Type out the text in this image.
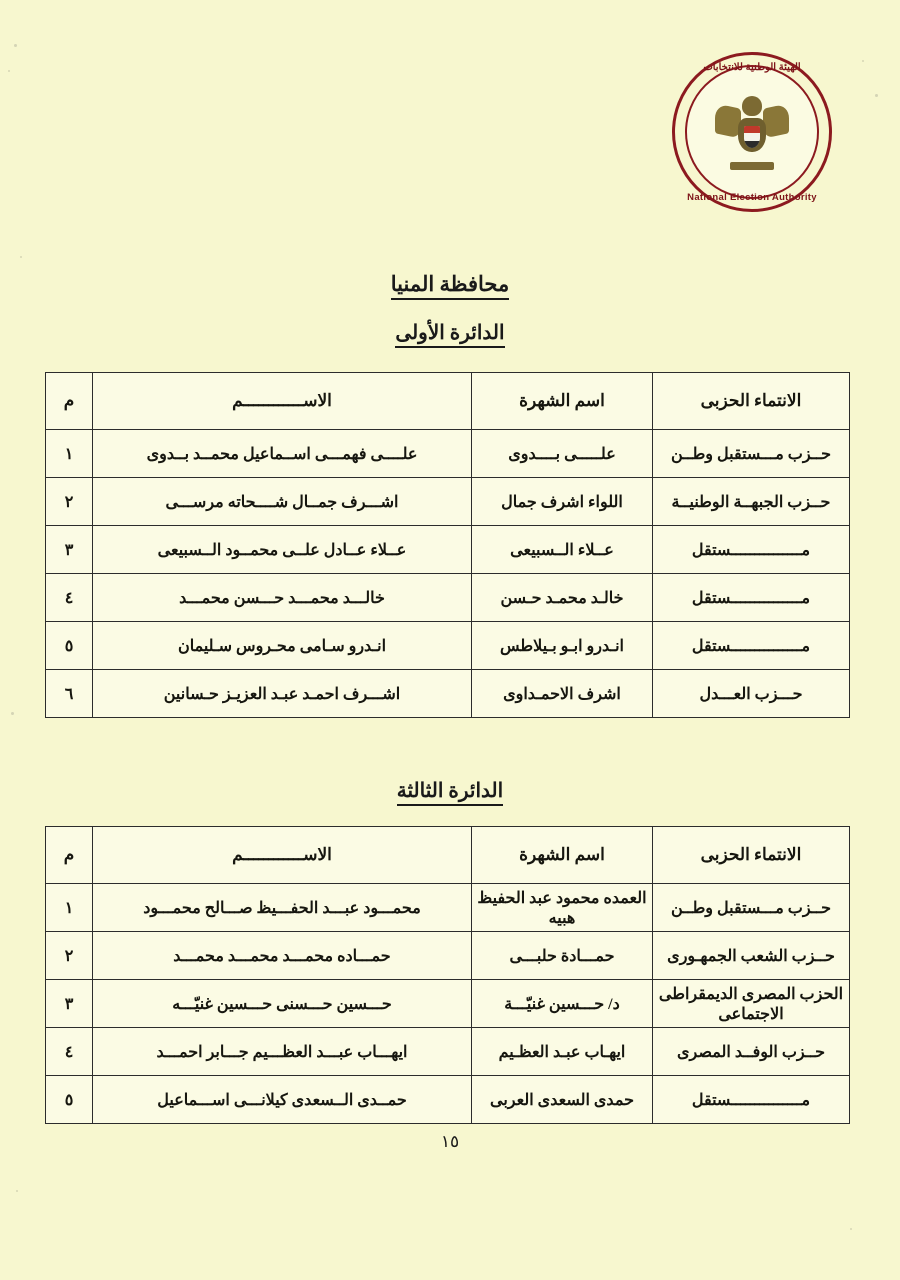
الهيئة الوطنية للانتخابات
National Election Authority
محافظة المنيا
الدائرة الأولى
الانتماء الحزبى	اسم الشهرة	الاســــــــــــم	م
حــزب مـــستقبل وطــن	علـــــى بــــدوى	علــــى فهمـــى اســماعيل محمــد بــدوى	١
حــزب الجبهــة الوطنيــة	اللواء اشرف جمال	اشـــرف جمــال شــــحاته مرســـى	٢
مـــــــــــــــستقل	عــلاء الــسبيعى	عــلاء عــادل علــى محمــود الــسبيعى	٣
مـــــــــــــــستقل	خالـد محمـد حـسن	خالـــد محمـــد حـــسن محمـــد	٤
مـــــــــــــــستقل	انـدرو ابـو بـيلاطس	انـدرو سـامى محـروس سـليمان	٥
حـــزب العـــدل	اشرف الاحمـداوى	اشـــرف احمـد عبـد العزيـز حـسانين	٦
الدائرة الثالثة
الانتماء الحزبى	اسم الشهرة	الاســــــــــــم	م
حــزب مـــستقبل وطــن	العمده محمود عبد الحفيظ هبيه	محمـــود عبـــد الحفـــيظ صـــالح محمـــود	١
حــزب الشعب الجمهـورى	حمـــادة حلبـــى	حمـــاده محمـــد محمـــد محمـــد	٢
الحزب المصرى الديمقراطى الاجتماعى	د/ حـــسين غنيّـــة	حـــسين حـــسنى حـــسين غنيّـــه	٣
حــزب الوفــد المصرى	ايهـاب عبـد العظـيم	ايهـــاب عبـــد العظـــيم جـــابر احمـــد	٤
مـــــــــــــــستقل	حمدى السعدى العربى	حمــدى الــسعدى كيلانـــى اســـماعيل	٥
١٥
